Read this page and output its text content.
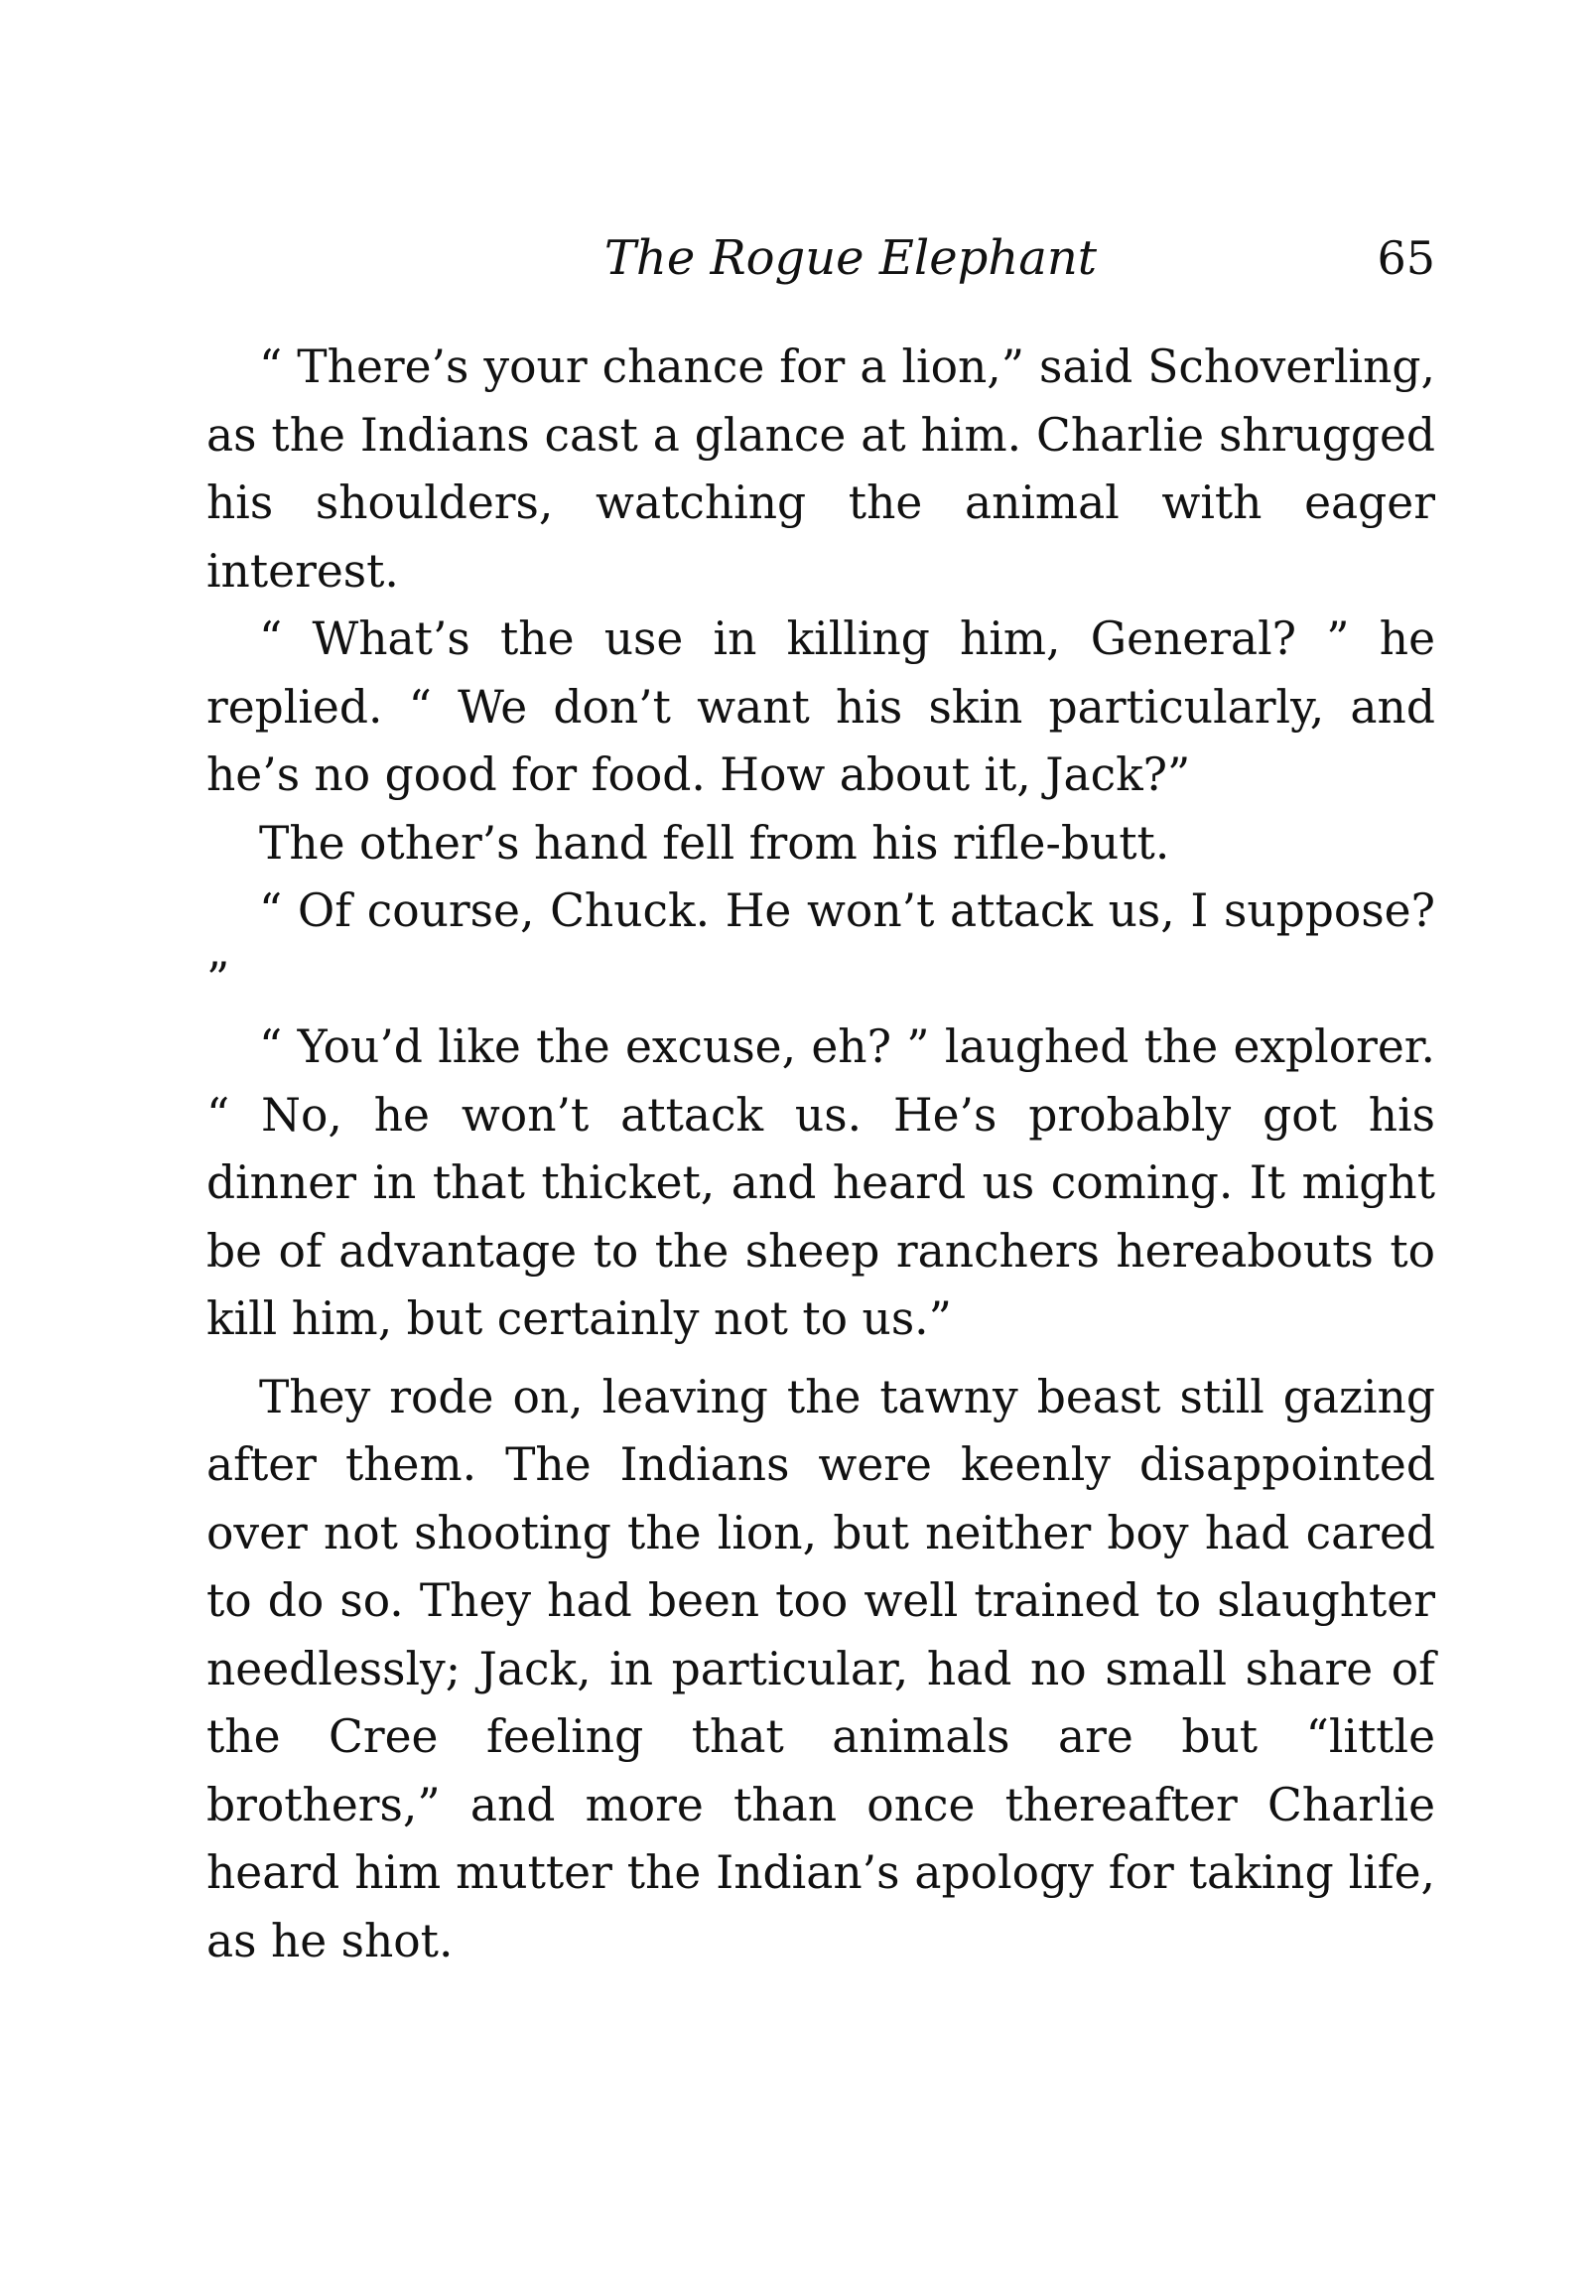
The Rogue Elephant	65

“ There’s your chance for a lion,” said Schoverling, as the Indians cast a glance at him. Charlie shrugged his shoulders, watching the animal with eager interest.

“ What’s the use in killing him, General? ” he replied. “ We don’t want his skin particularly, and he’s no good for food. How about it, Jack?”

The other’s hand fell from his rifle-butt.

“ Of course, Chuck. He won’t attack us, I suppose? ”

“ You’d like the excuse, eh? ” laughed the explorer. “ No, he won’t attack us. He’s probably got his dinner in that thicket, and heard us coming. It might be of advantage to the sheep ranchers hereabouts to kill him, but certainly not to us.”

They rode on, leaving the tawny beast still gazing after them. The Indians were keenly disappointed over not shooting the lion, but neither boy had cared to do so. They had been too well trained to slaughter needlessly; Jack, in particular, had no small share of the Cree feeling that animals are but “little brothers,” and more than once thereafter Charlie heard him mutter the Indian’s apology for taking life, as he shot.
